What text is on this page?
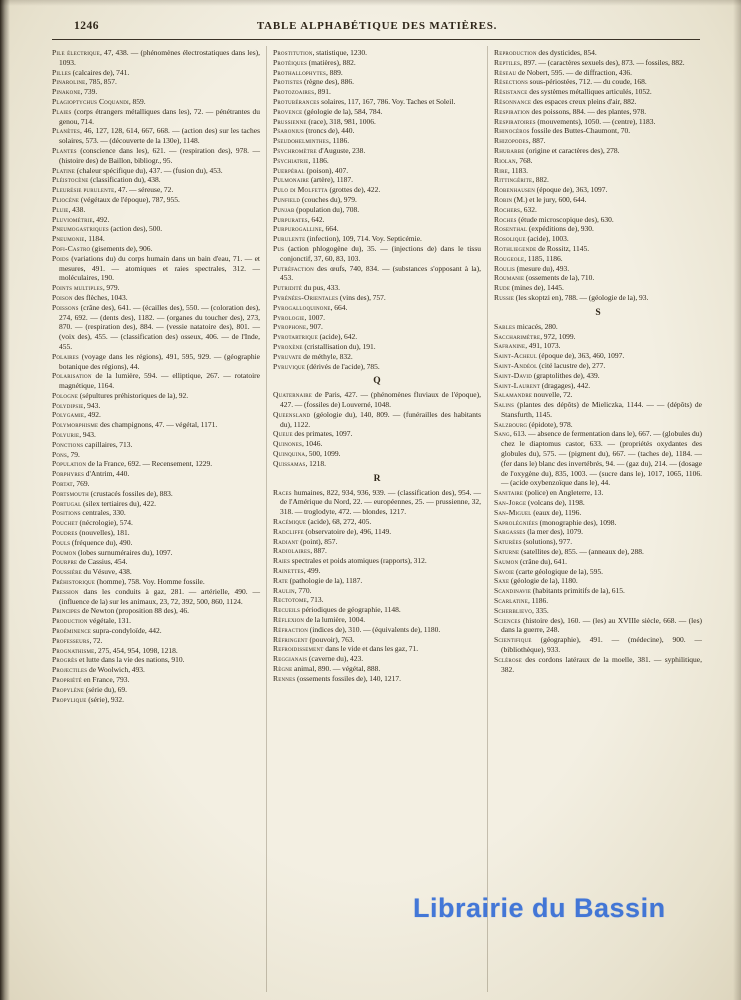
1246	TABLE ALPHABÉTIQUE DES MATIÈRES.

Pile électrique, 47, 438. — (phénomènes électrostatiques dans les), 1093.

Pilles (calcaires de), 741.

Pinaroline, 785, 857.

Pinakone, 739.

Plagioptychus Coquandi, 859.

Plaies (corps étrangers métalliques dans les), 72. — pénétrantes du genou, 714.

Planètes, 46, 127, 128, 614, 667, 668. — (action des) sur les taches solaires, 573. — (découverte de la 130e), 1148.

Plantes (conscience dans les), 621. — (respiration des), 978. — (histoire des) de Baillon, bibliogr., 95.

Platine (chaleur spécifique du), 437. — (fusion du), 453.

Pléistocène (classification du), 438.

Pleurésie purulente, 47. — séreuse, 72.

Pliocène (végétaux de l'époque), 787, 955.

Pluie, 438.

Pluviométrie, 492.

Pneumogastriques (action des), 500.

Pneumonie, 1184.

Pofi-Castro (gisements de), 906.

Poids (variations du) du corps humain dans un bain d'eau, 71. — et mesures, 491. — atomiques et raies spectrales, 312. — moléculaires, 190.

Points multiples, 979.

Poison des flèches, 1043.

Poissons (crâne des), 641. — (écailles des), 550. — (coloration des), 274, 692. — (dents des), 1182. — (organes du toucher des), 273, 870. — (respiration des), 884. — (vessie natatoire des), 801. — (voix des), 455. — (classification des) osseux, 406. — de l'Inde, 455.

Polaires (voyage dans les régions), 491, 595, 929. — (géographie botanique des régions), 44.

Polarisation de la lumière, 594. — elliptique, 267. — rotatoire magnétique, 1164.

Pologne (sépultures préhistoriques de la), 92.

Polydipsie, 943.

Polygamie, 492.

Polymorphisme des champignons, 47. — végétal, 1171.

Polyurie, 943.

Ponctions capillaires, 713.

Pons, 79.

Population de la France, 692. — Recensement, 1229.

Porphyres d'Antrim, 440.

Portat, 769.

Portsmouth (crustacés fossiles de), 883.

Portugal (silex tertiaires du), 422.

Positions centrales, 330.

Pouchet (nécrologie), 574.

Poudres (nouvelles), 181.

Pouls (fréquence du), 490.

Poumon (lobes surnuméraires du), 1097.

Pourpre de Cassius, 454.

Poussière du Vésuve, 438.

Préhistorique (homme), 758. Voy. Homme fossile.

Pression dans les conduits à gaz, 281. — artérielle, 490. — (influence de la) sur les animaux, 23, 72, 392, 500, 860, 1124.

Principes de Newton (proposition 88 des), 46.

Production végétale, 131.

Proéminence supra-condyloïde, 442.

Professeurs, 72.

Prognathisme, 275, 454, 954, 1098, 1218.

Progrès et lutte dans la vie des nations, 910.

Projectiles de Woolwich, 493.

Propriété en France, 793.

Propylène (série du), 69.

Propylique (série), 932.

Prostitution, statistique, 1230.

Protéiques (matières), 882.

Prothallophytes, 889.

Protistes (règne des), 886.

Protozoaires, 891.

Protubérances solaires, 117, 167, 786. Voy. Taches et Soleil.

Provence (géologie de la), 584, 784.

Prussienne (race), 318, 981, 1006.

Psaronius (troncs de), 440.

Pseudohelminthes, 1186.

Psychromètre d'Auguste, 238.

Psychiatrie, 1186.

Puerpéral (poison), 407.

Pulmonaire (artère), 1187.

Pulo di Molfetta (grottes de), 422.

Punfield (couches du), 979.

Punjab (population du), 708.

Purpurates, 642.

Purpurogalline, 664.

Purulente (infection), 109, 714. Voy. Septicémie.

Pus (action phlogogène du), 35. — (injections de) dans le tissu conjonctif, 37, 60, 83, 103.

Putréfaction des œufs, 740, 834. — (substances s'opposant à la), 453.

Putridité du pus, 433.

Pyrénées-Orientales (vins des), 757.

Pyrogalloquinone, 664.

Pyrologie, 1007.

Pyrophone, 907.

Pyrotartrique (acide), 642.

Pyroxène (cristallisation du), 191.

Pyruvate de méthyle, 832.

Pyruvique (dérivés de l'acide), 785.

Q

Quaternaire de Paris, 427. — (phénomènes fluviaux de l'époque), 427. — (fossiles de) Louverné, 1048.

Queensland (géologie du), 140, 809. — (funérailles des habitants du), 1122.

Queue des primates, 1097.

Quinones, 1046.

Quinquina, 500, 1099.

Quissamas, 1218.

R

Races humaines, 822, 934, 936, 939. — (classification des), 954. — de l'Amérique du Nord, 22. — européennes, 25. — prussienne, 32, 318. — troglodyte, 472. — blondes, 1217.

Racémique (acide), 68, 272, 405.

Radcliffe (observatoire de), 496, 1149.

Radiant (point), 857.

Radiolaires, 887.

Raies spectrales et poids atomiques (rapports), 312.

Rainettes, 499.

Rate (pathologie de la), 1187.

Raulin, 770.

Rectotome, 713.

Recueils périodiques de géographie, 1148.

Réflexion de la lumière, 1004.

Réfraction (indices de), 310. — (équivalents de), 1180.

Réfringent (pouvoir), 763.

Refroidissement dans le vide et dans les gaz, 71.

Reggianais (caverne du), 423.

Règne animal, 890. — végétal, 888.

Rennes (ossements fossiles de), 140, 1217.

Reproduction des dysticides, 854.

Reptiles, 897. — (caractères sexuels des), 873. — fossiles, 882.

Réseau de Nobert, 595. — de diffraction, 436.

Résections sous-périostées, 712. — du coude, 168.

Résistance des systèmes métalliques articulés, 1052.

Résonnance des espaces creux pleins d'air, 882.

Respiration des poissons, 884. — des plantes, 978.

Respiratoires (mouvements), 1050. — (centre), 1183.

Rhinocéros fossile des Buttes-Chaumont, 70.

Rhizopodes, 887.

Rhubarbe (origine et caractères des), 278.

Riolan, 768.

Rire, 1183.

Rittingérite, 882.

Robenhausen (époque de), 363, 1097.

Robin (M.) et le jury, 600, 644.

Rochers, 632.

Roches (étude microscopique des), 630.

Rosenthal (expéditions de), 930.

Rosolique (acide), 1003.

Rothliegende de Rossitz, 1145.

Rougeole, 1185, 1186.

Roulis (mesure du), 493.

Roumanie (ossements de la), 710.

Rude (mines de), 1445.

Russie (les skoptzi en), 788. — (géologie de la), 93.

S

Sables micacés, 280.

Saccharimètre, 972, 1099.

Safranine, 491, 1073.

Saint-Acheul (époque de), 363, 460, 1097.

Saint-Andéol (cité lacustre de), 277.

Saint-David (graptolithes de), 439.

Saint-Laurent (dragages), 442.

Salamandre nouvelle, 72.

Salins (plantes des dépôts) de Mieliczka, 1144. — — (dépôts) de Stansfurth, 1145.

Salzbourg (épidote), 978.

Sang, 613. — absence de fermentation dans le), 667. — (globules du) chez le diaptomus castor, 633. — (propriétés oxydantes des globules du), 575. — (pigment du), 667. — (taches de), 1184. — (fer dans le) blanc des invertébrés, 94. — (gaz du), 214. — (dosage de l'oxygène du), 835, 1003. — (sucre dans le), 1017, 1065, 1106. — (acide oxybenzoïque dans le), 44.

Sanitaire (police) en Angleterre, 13.

San-Jorge (volcans de), 1198.

San-Miguel (eaux de), 1196.

Saprolégniées (monographie des), 1098.

Sargasses (la mer des), 1079.

Saturées (solutions), 977.

Saturne (satellites de), 855. — (anneaux de), 288.

Saumon (crâne du), 641.

Savoie (carte géologique de la), 595.

Saxe (géologie de la), 1180.

Scandinavie (habitants primitifs de la), 615.

Scarlatine, 1186.

Scherblievo, 335.

Sciences (histoire des), 160. — (les) au XVIIIe siècle, 668. — (les) dans la guerre, 248.

Scientifique (géographie), 491. — (médecine), 900. — (bibliothèque), 933.

Sclérose des cordons latéraux de la moelle, 381. — syphilitique, 382.

Librairie du Bassin
